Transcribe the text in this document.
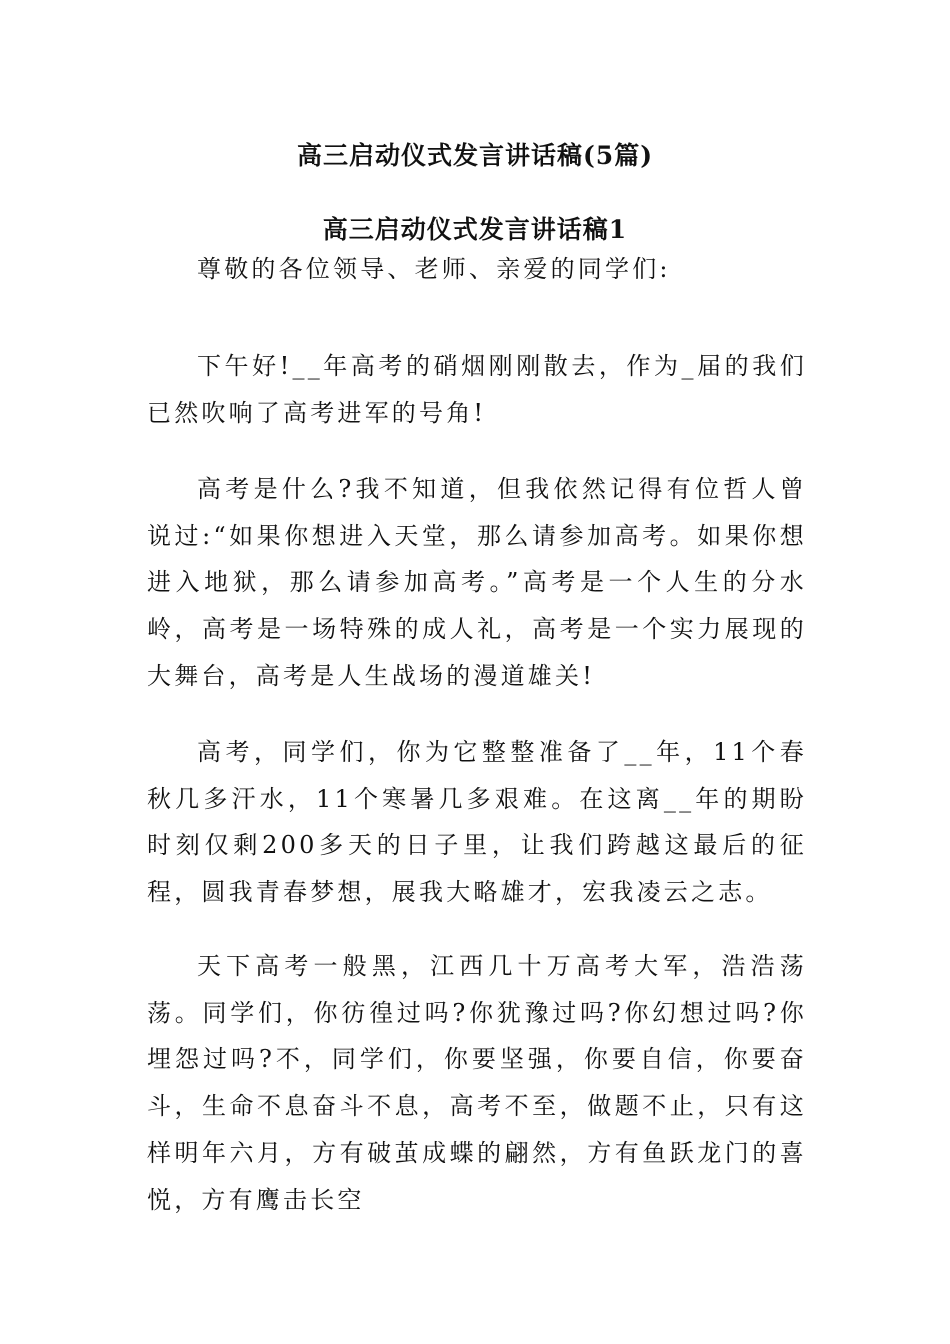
高三启动仪式发言讲话稿(5篇)
高三启动仪式发言讲话稿1

尊敬的各位领导、老师、亲爱的同学们:

下午好!__年高考的硝烟刚刚散去，作为_届的我们已然吹响了高考进军的号角!

高考是什么?我不知道，但我依然记得有位哲人曾说过:“如果你想进入天堂，那么请参加高考。如果你想进入地狱，那么请参加高考。”高考是一个人生的分水岭，高考是一场特殊的成人礼，高考是一个实力展现的大舞台，高考是人生战场的漫道雄关!

高考，同学们，你为它整整准备了__年，11个春秋几多汗水，11个寒暑几多艰难。在这离__年的期盼时刻仅剩200多天的日子里，让我们跨越这最后的征程，圆我青春梦想，展我大略雄才，宏我凌云之志。

天下高考一般黑，江西几十万高考大军，浩浩荡荡。同学们，你彷徨过吗?你犹豫过吗?你幻想过吗?你埋怨过吗?不，同学们，你要坚强，你要自信，你要奋斗，生命不息奋斗不息，高考不至，做题不止，只有这样明年六月，方有破茧成蝶的翩然，方有鱼跃龙门的喜悦，方有鹰击长空
